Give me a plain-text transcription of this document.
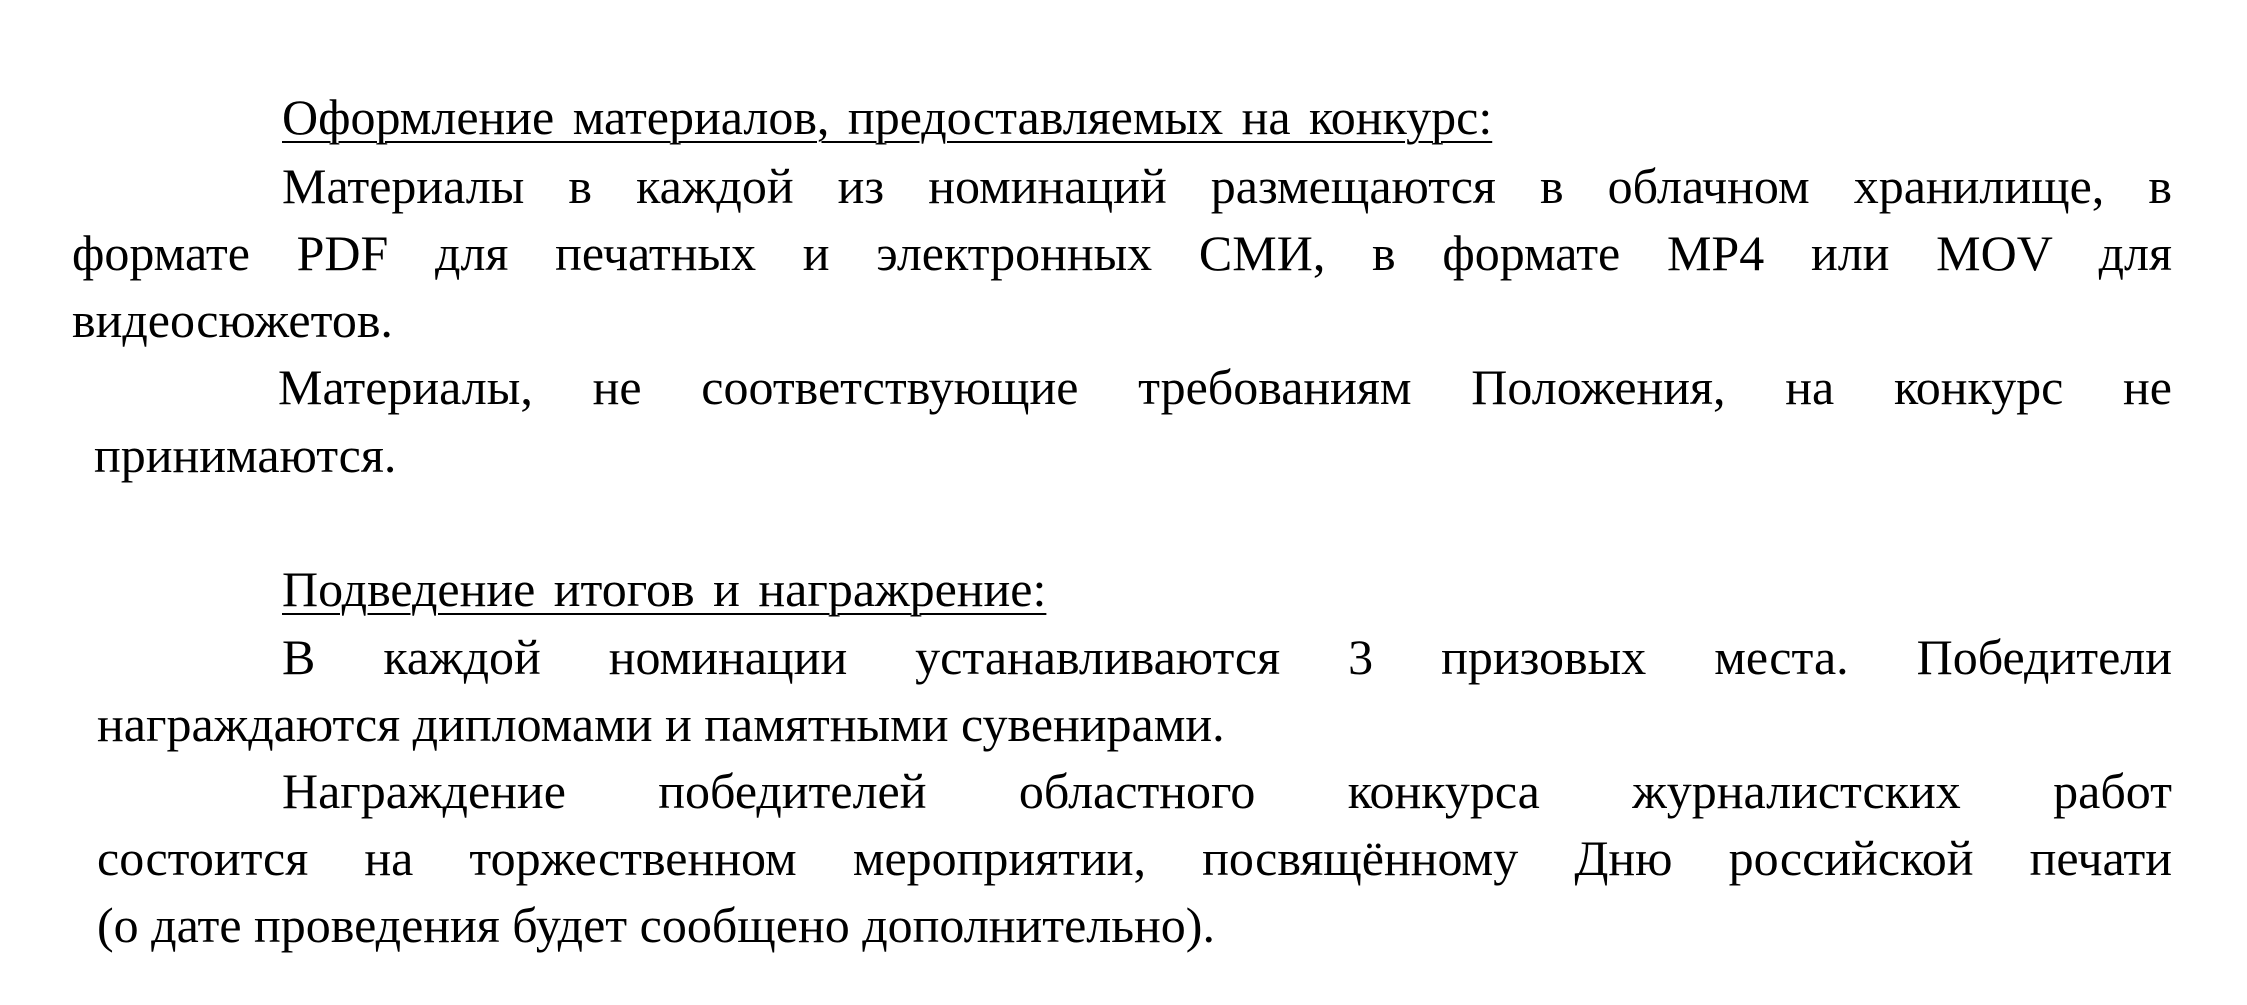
Оформление материалов, предоставляемых на конкурс:
Материалы в каждой из номинаций размещаются в облачном хранилище, в
формате PDF для печатных и электронных СМИ, в формате MP4 или MOV для
видеосюжетов.
Материалы, не соответствующие требованиям Положения, на конкурс не
принимаются.
Подведение итогов и награжрение:
В каждой номинации устанавливаются 3 призовых места. Победители
награждаются дипломами и памятными сувенирами.
Награждение победителей областного конкурса журналистских работ
состоится на торжественном мероприятии, посвящённому Дню российской печати
(о дате проведения будет сообщено дополнительно).
